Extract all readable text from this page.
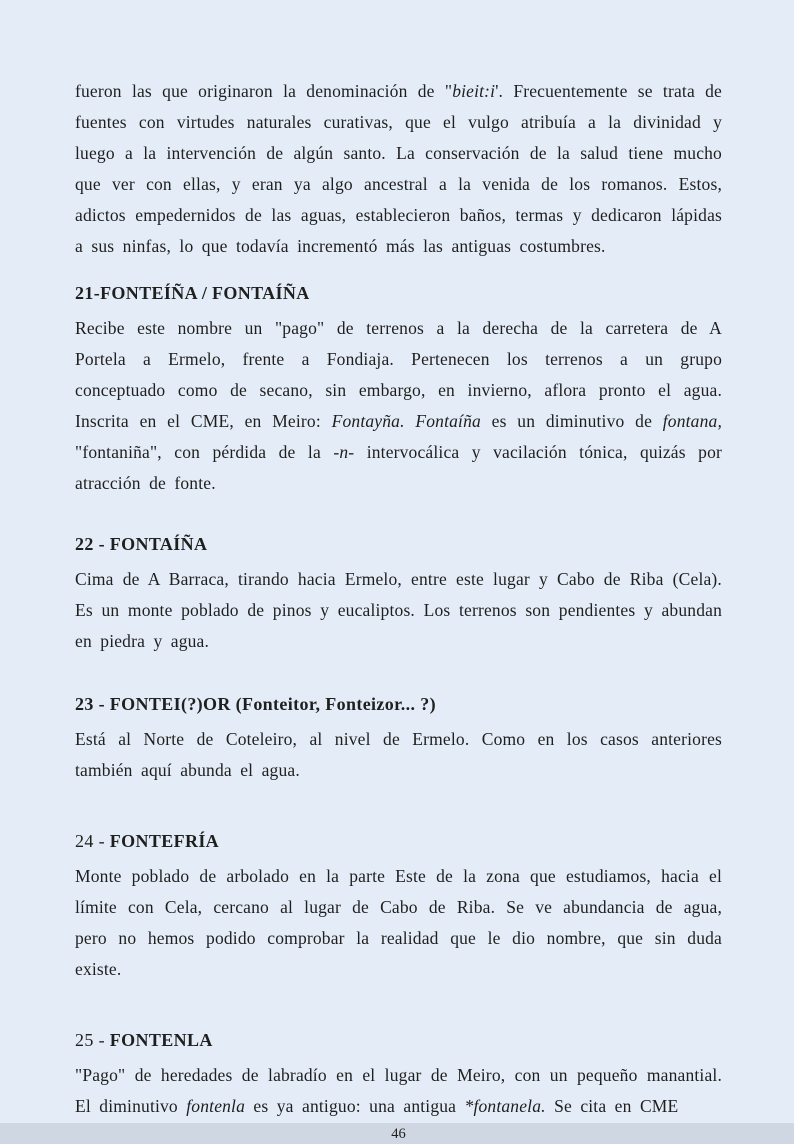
fueron las que originaron la denominación de "bieit:i'. Frecuentemente se trata de fuentes con virtudes naturales curativas, que el vulgo atribuía a la divinidad y luego a la intervención de algún santo. La conservación de la salud tiene mucho que ver con ellas, y eran ya algo ancestral a la venida de los romanos. Estos, adictos empedernidos de las aguas, establecieron baños, termas y dedicaron lápidas a sus ninfas, lo que todavía incrementó más las antiguas costumbres.

21-FONTEÍÑA / FONTAÍÑA

Recibe este nombre un "pago" de terrenos a la derecha de la carretera de A Portela a Ermelo, frente a Fondiaja. Pertenecen los terrenos a un grupo conceptuado como de secano, sin embargo, en invierno, aflora pronto el agua. Inscrita en el CME, en Meiro: Fontayña. Fontaíña es un diminutivo de fontana, "fontaniña", con pérdida de la -n- intervocálica y vacilación tónica, quizás por atracción de fonte.

22 - FONTAÍÑA

Cima de A Barraca, tirando hacia Ermelo, entre este lugar y Cabo de Riba (Cela). Es un monte poblado de pinos y eucaliptos. Los terrenos son pendientes y abundan en piedra y agua.

23 - FONTEI(?)OR (Fonteitor, Fonteizor... ?)

Está al Norte de Coteleiro, al nivel de Ermelo. Como en los casos anteriores también aquí abunda el agua.

24 - FONTEFRÍA

Monte poblado de arbolado en la parte Este de la zona que estudiamos, hacia el límite con Cela, cercano al lugar de Cabo de Riba. Se ve abundancia de agua, pero no hemos podido comprobar la realidad que le dio nombre, que sin duda existe.

25 - FONTENLA

"Pago" de heredades de labradío en el lugar de Meiro, con un pequeño manantial. El diminutivo fontenla es ya antiguo: una antigua *fontanela. Se cita en CME

46
